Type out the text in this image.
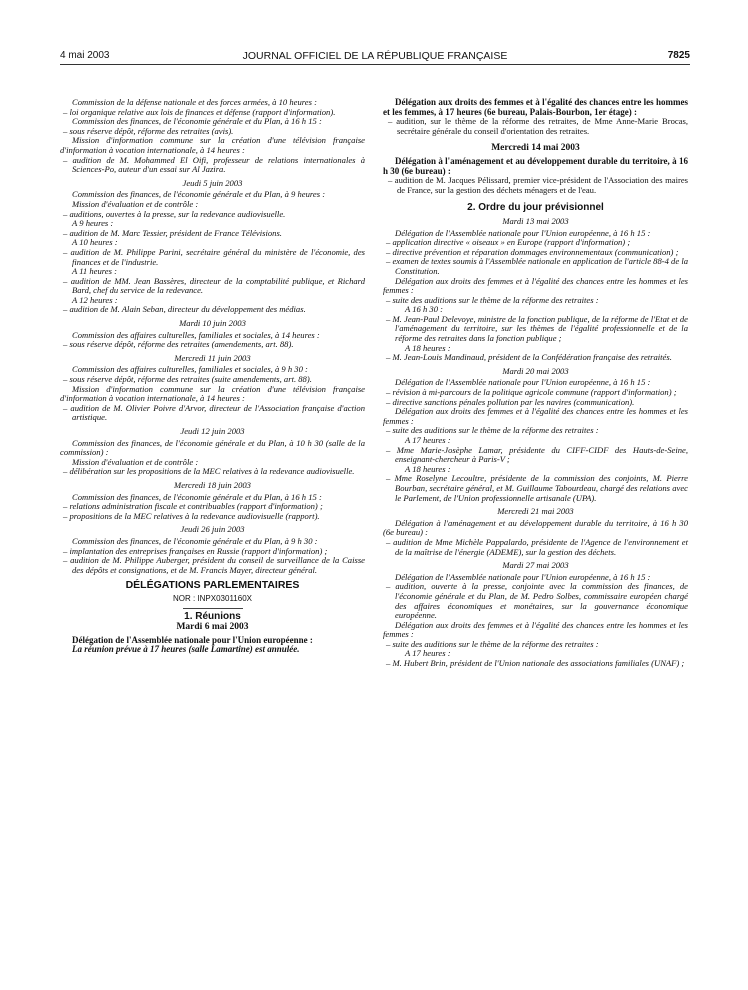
4 mai 2003	JOURNAL OFFICIEL DE LA RÉPUBLIQUE FRANÇAISE	7825

Commission de la défense nationale et des forces armées, à 10 heures :

– loi organique relative aux lois de finances et défense (rapport d'information).

Commission des finances, de l'économie générale et du Plan, à 16 h 15 :

– sous réserve dépôt, réforme des retraites (avis).

Mission d'information commune sur la création d'une télévision française d'information à vocation internationale, à 14 heures :

– audition de M. Mohammed El Oifi, professeur de relations internationales à Sciences-Po, auteur d'un essai sur Al Jazira.

Jeudi 5 juin 2003

Commission des finances, de l'économie générale et du Plan, à 9 heures :

Mission d'évaluation et de contrôle :

– auditions, ouvertes à la presse, sur la redevance audiovisuelle.

A 9 heures :

– audition de M. Marc Tessier, président de France Télévisions.

A 10 heures :

– audition de M. Philippe Parini, secrétaire général du ministère de l'économie, des finances et de l'industrie.

A 11 heures :

– audition de MM. Jean Bassères, directeur de la comptabilité publique, et Richard Bard, chef du service de la redevance.

A 12 heures :

– audition de M. Alain Seban, directeur du développement des médias.

Mardi 10 juin 2003

Commission des affaires culturelles, familiales et sociales, à 14 heures :

– sous réserve dépôt, réforme des retraites (amendements, art. 88).

Mercredi 11 juin 2003

Commission des affaires culturelles, familiales et sociales, à 9 h 30 :

– sous réserve dépôt, réforme des retraites (suite amendements, art. 88).

Mission d'information commune sur la création d'une télévision française d'information à vocation internationale, à 14 heures :

– audition de M. Olivier Poivre d'Arvor, directeur de l'Association française d'action artistique.

Jeudi 12 juin 2003

Commission des finances, de l'économie générale et du Plan, à 10 h 30 (salle de la commission) :

Mission d'évaluation et de contrôle :

– délibération sur les propositions de la MEC relatives à la redevance audiovisuelle.

Mercredi 18 juin 2003

Commission des finances, de l'économie générale et du Plan, à 16 h 15 :

– relations administration fiscale et contribuables (rapport d'information) ;

– propositions de la MEC relatives à la redevance audiovisuelle (rapport).

Jeudi 26 juin 2003

Commission des finances, de l'économie générale et du Plan, à 9 h 30 :

– implantation des entreprises françaises en Russie (rapport d'information) ;

– audition de M. Philippe Auberger, président du conseil de surveillance de la Caisse des dépôts et consignations, et de M. Francis Mayer, directeur général.

DÉLÉGATIONS PARLEMENTAIRES

NOR : INPX0301160X

1. Réunions

Mardi 6 mai 2003

Délégation de l'Assemblée nationale pour l'Union européenne :

La réunion prévue à 17 heures (salle Lamartine) est annulée.

Délégation aux droits des femmes et à l'égalité des chances entre les hommes et les femmes, à 17 heures (6e bureau, Palais-Bourbon, 1er étage) :

– audition, sur le thème de la réforme des retraites, de Mme Anne-Marie Brocas, secrétaire générale du conseil d'orientation des retraites.

Mercredi 14 mai 2003

Délégation à l'aménagement et au développement durable du territoire, à 16 h 30 (6e bureau) :

– audition de M. Jacques Pélissard, premier vice-président de l'Association des maires de France, sur la gestion des déchets ménagers et de l'eau.

2. Ordre du jour prévisionnel

Mardi 13 mai 2003

Délégation de l'Assemblée nationale pour l'Union européenne, à 16 h 15 :

– application directive « oiseaux » en Europe (rapport d'information) ;

– directive prévention et réparation dommages environnementaux (communication) ;

– examen de textes soumis à l'Assemblée nationale en application de l'article 88-4 de la Constitution.

Délégation aux droits des femmes et à l'égalité des chances entre les hommes et les femmes :

– suite des auditions sur le thème de la réforme des retraites :

A 16 h 30 :

– M. Jean-Paul Delevoye, ministre de la fonction publique, de la réforme de l'Etat et de l'aménagement du territoire, sur les thèmes de l'égalité professionnelle et de la réforme des retraites dans la fonction publique ;

A 18 heures :

– M. Jean-Louis Mandinaud, président de la Confédération française des retraités.

Mardi 20 mai 2003

Délégation de l'Assemblée nationale pour l'Union européenne, à 16 h 15 :

– révision à mi-parcours de la politique agricole commune (rapport d'information) ;

– directive sanctions pénales pollution par les navires (communication).

Délégation aux droits des femmes et à l'égalité des chances entre les hommes et les femmes :

– suite des auditions sur le thème de la réforme des retraites :

A 17 heures :

– Mme Marie-Josèphe Lamar, présidente du CIFF-CIDF des Hauts-de-Seine, enseignant-chercheur à Paris-V ;

A 18 heures :

– Mme Roselyne Lecoultre, présidente de la commission des conjoints, M. Pierre Bourban, secrétaire général, et M. Guillaume Tabourdeau, chargé des relations avec le Parlement, de l'Union professionnelle artisanale (UPA).

Mercredi 21 mai 2003

Délégation à l'aménagement et au développement durable du territoire, à 16 h 30 (6e bureau) :

– audition de Mme Michèle Pappalardo, présidente de l'Agence de l'environnement et de la maîtrise de l'énergie (ADEME), sur la gestion des déchets.

Mardi 27 mai 2003

Délégation de l'Assemblée nationale pour l'Union européenne, à 16 h 15 :

– audition, ouverte à la presse, conjointe avec la commission des finances, de l'économie générale et du Plan, de M. Pedro Solbes, commissaire européen chargé des affaires économiques et monétaires, sur la gouvernance économique européenne.

Délégation aux droits des femmes et à l'égalité des chances entre les hommes et les femmes :

– suite des auditions sur le thème de la réforme des retraites :

A 17 heures :

– M. Hubert Brin, président de l'Union nationale des associations familiales (UNAF) ;
